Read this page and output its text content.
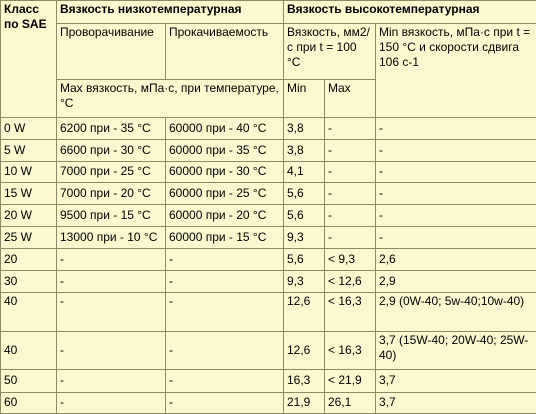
Класс по SAE	Вязкость низкотемпературная		Вязкость высокотемпературная		
	Проворачивание	Прокачиваемость	Вязкость, мм2/с при t = 100 °C		Min вязкость, мПа·с при t = 150 °C и скорости сдвига 106 с-1
	Max вязкость, мПа·с, при температуре, °C		Min	Max	
0 W	6200 при - 35 °C	60000 при - 40 °C	3,8	-	-
5 W	6600 при - 30 °C	60000 при - 35 °C	3,8	-	-
10 W	7000 при - 25 °C	60000 при - 30 °C	4,1	-	-
15 W	7000 при - 20 °C	60000 при - 25 °C	5,6	-	-
20 W	9500 при - 15 °C	60000 при - 20 °C	5,6	-	-
25 W	13000 при - 10 °C	60000 при - 15 °C	9,3	-	-
20	-	-	5,6	< 9,3	2,6
30	-	-	9,3	< 12,6	2,9
40	-	-	12,6	< 16,3	2,9 (0W-40; 5w-40;10w-40)
40	-	-	12,6	< 16,3	3,7 (15W-40; 20W-40; 25W-40)
50	-	-	16,3	< 21,9	3,7
60	-	-	21,9	26,1	3,7
